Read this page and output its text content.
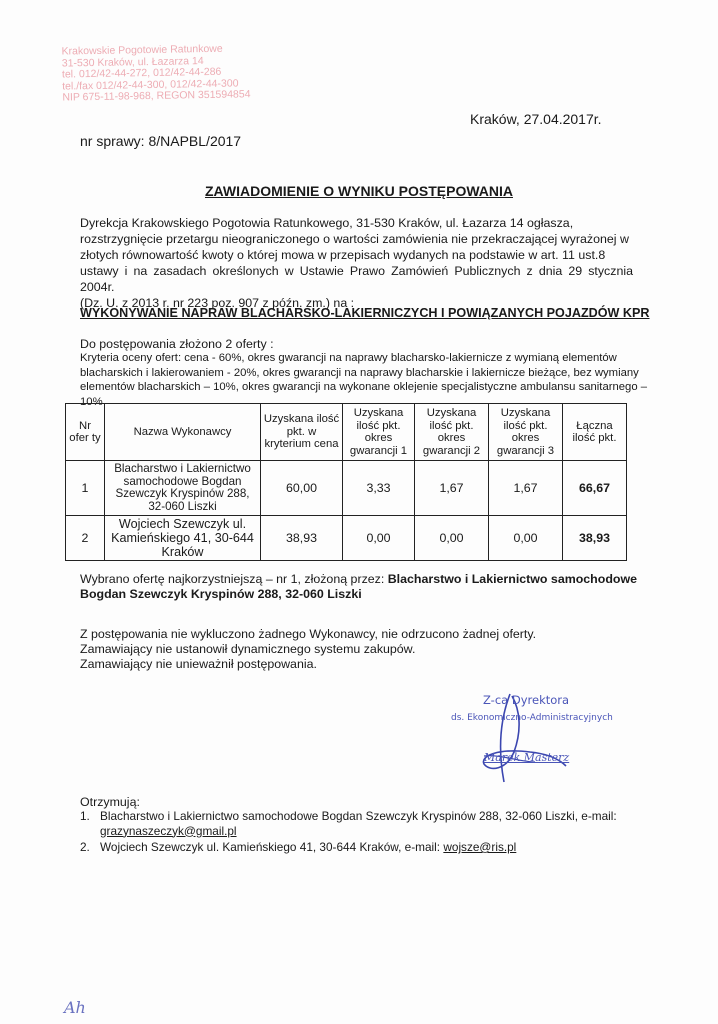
Krakowskie Pogotowie Ratunkowe
31-530 Kraków, ul. Łazarza 14
tel. 012/42-44-272, 012/42-44-286
tel./fax 012/42-44-300, 012/42-44-300
NIP 675-11-98-968, REGON 351594854
Kraków, 27.04.2017r.
nr sprawy: 8/NAPBL/2017
ZAWIADOMIENIE O WYNIKU POSTĘPOWANIA
Dyrekcja Krakowskiego Pogotowia Ratunkowego, 31-530 Kraków, ul. Łazarza 14 ogłasza,
rozstrzygnięcie przetargu nieograniczonego o wartości zamówienia nie przekraczającej wyrażonej w
złotych równowartość kwoty o której mowa w przepisach wydanych na podstawie w art. 11 ust.8
ustawy i na zasadach określonych w Ustawie Prawo Zamówień Publicznych z dnia 29 stycznia 2004r.
(Dz. U. z 2013 r. nr 223 poz. 907 z późn. zm.) na :
WYKONYWANIE NAPRAW BLACHARSKO-LAKIERNICZYCH I POWIĄZANYCH POJAZDÓW KPR
Do postępowania złożono 2 oferty :
Kryteria oceny ofert: cena - 60%, okres gwarancji na naprawy blacharsko-lakiernicze z wymianą elementów
blacharskich i lakierowaniem - 20%, okres gwarancji na naprawy blacharskie i lakiernicze bieżące, bez wymiany
elementów blacharskich – 10%, okres gwarancji na wykonane oklejenie specjalistyczne ambulansu sanitarnego –
10%
Nr ofer ty	Nazwa Wykonawcy	Uzyskana ilość pkt. w kryterium cena	Uzyskana ilość pkt. okres gwarancji 1	Uzyskana ilość pkt. okres gwarancji 2	Uzyskana ilość pkt. okres gwarancji 3	Łączna ilość pkt.
1	Blacharstwo i Lakiernictwo samochodowe Bogdan Szewczyk Kryspinów 288, 32-060 Liszki	60,00	3,33	1,67	1,67	66,67
2	Wojciech Szewczyk ul. Kamieńskiego 41, 30-644 Kraków	38,93	0,00	0,00	0,00	38,93
Wybrano ofertę najkorzystniejszą – nr 1, złożoną przez: Blacharstwo i Lakiernictwo samochodowe Bogdan Szewczyk Kryspinów 288, 32-060 Liszki
Z postępowania nie wykluczono żadnego Wykonawcy, nie odrzucono żadnej oferty.
Zamawiający nie ustanowił dynamicznego systemu zakupów.
Zamawiający nie unieważnił postępowania.
Z-ca Dyrektora
ds. Ekonomiczno-Administracyjnych
Marek Masterz
Otrzymują:
1. Blacharstwo i Lakiernictwo samochodowe Bogdan Szewczyk Kryspinów 288, 32-060 Liszki, e-mail:
grazynaszeczyk@gmail.pl
2. Wojciech Szewczyk ul. Kamieńskiego 41, 30-644 Kraków, e-mail: wojsze@ris.pl
Ah
